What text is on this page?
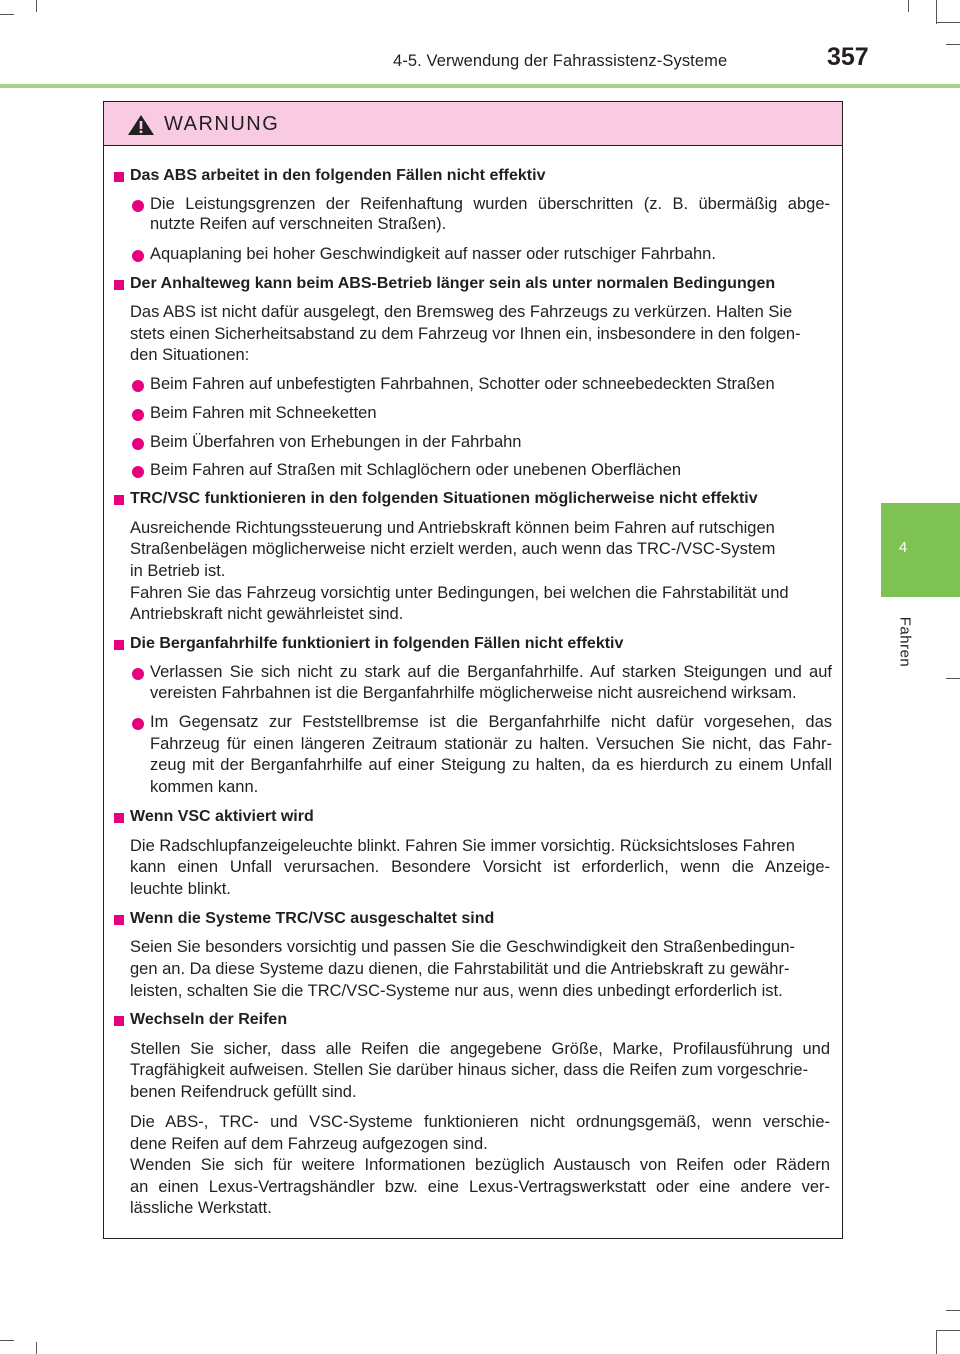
4-5. Verwendung der Fahrassistenz-Systeme	357
4
Fahren
WARNUNG
Das ABS arbeitet in den folgenden Fällen nicht effektiv
Die Leistungsgrenzen der Reifenhaftung wurden überschritten (z. B. übermäßig abge-
nutzte Reifen auf verschneiten Straßen).
Aquaplaning bei hoher Geschwindigkeit auf nasser oder rutschiger Fahrbahn.
Der Anhalteweg kann beim ABS-Betrieb länger sein als unter normalen Bedingungen
Das ABS ist nicht dafür ausgelegt, den Bremsweg des Fahrzeugs zu verkürzen. Halten Sie
stets einen Sicherheitsabstand zu dem Fahrzeug vor Ihnen ein, insbesondere in den folgen-
den Situationen:
Beim Fahren auf unbefestigten Fahrbahnen, Schotter oder schneebedeckten Straßen
Beim Fahren mit Schneeketten
Beim Überfahren von Erhebungen in der Fahrbahn
Beim Fahren auf Straßen mit Schlaglöchern oder unebenen Oberflächen
TRC/VSC funktionieren in den folgenden Situationen möglicherweise nicht effektiv
Ausreichende Richtungssteuerung und Antriebskraft können beim Fahren auf rutschigen
Straßenbelägen möglicherweise nicht erzielt werden, auch wenn das TRC-/VSC-System
in Betrieb ist.
Fahren Sie das Fahrzeug vorsichtig unter Bedingungen, bei welchen die Fahrstabilität und
Antriebskraft nicht gewährleistet sind.
Die Berganfahrhilfe funktioniert in folgenden Fällen nicht effektiv
Verlassen Sie sich nicht zu stark auf die Berganfahrhilfe. Auf starken Steigungen und auf
vereisten Fahrbahnen ist die Berganfahrhilfe möglicherweise nicht ausreichend wirksam.
Im Gegensatz zur Feststellbremse ist die Berganfahrhilfe nicht dafür vorgesehen, das
Fahrzeug für einen längeren Zeitraum stationär zu halten. Versuchen Sie nicht, das Fahr-
zeug mit der Berganfahrhilfe auf einer Steigung zu halten, da es hierdurch zu einem Unfall
kommen kann.
Wenn VSC aktiviert wird
Die Radschlupfanzeigeleuchte blinkt. Fahren Sie immer vorsichtig. Rücksichtsloses Fahren
kann einen Unfall verursachen. Besondere Vorsicht ist erforderlich, wenn die Anzeige-
leuchte blinkt.
Wenn die Systeme TRC/VSC ausgeschaltet sind
Seien Sie besonders vorsichtig und passen Sie die Geschwindigkeit den Straßenbedingun-
gen an. Da diese Systeme dazu dienen, die Fahrstabilität und die Antriebskraft zu gewähr-
leisten, schalten Sie die TRC/VSC-Systeme nur aus, wenn dies unbedingt erforderlich ist.
Wechseln der Reifen
Stellen Sie sicher, dass alle Reifen die angegebene Größe, Marke, Profilausführung und
Tragfähigkeit aufweisen. Stellen Sie darüber hinaus sicher, dass die Reifen zum vorgeschrie-
benen Reifendruck gefüllt sind.
Die ABS-, TRC- und VSC-Systeme funktionieren nicht ordnungsgemäß, wenn verschie-
dene Reifen auf dem Fahrzeug aufgezogen sind.
Wenden Sie sich für weitere Informationen bezüglich Austausch von Reifen oder Rädern
an einen Lexus-Vertragshändler bzw. eine Lexus-Vertragswerkstatt oder eine andere ver-
lässliche Werkstatt.
